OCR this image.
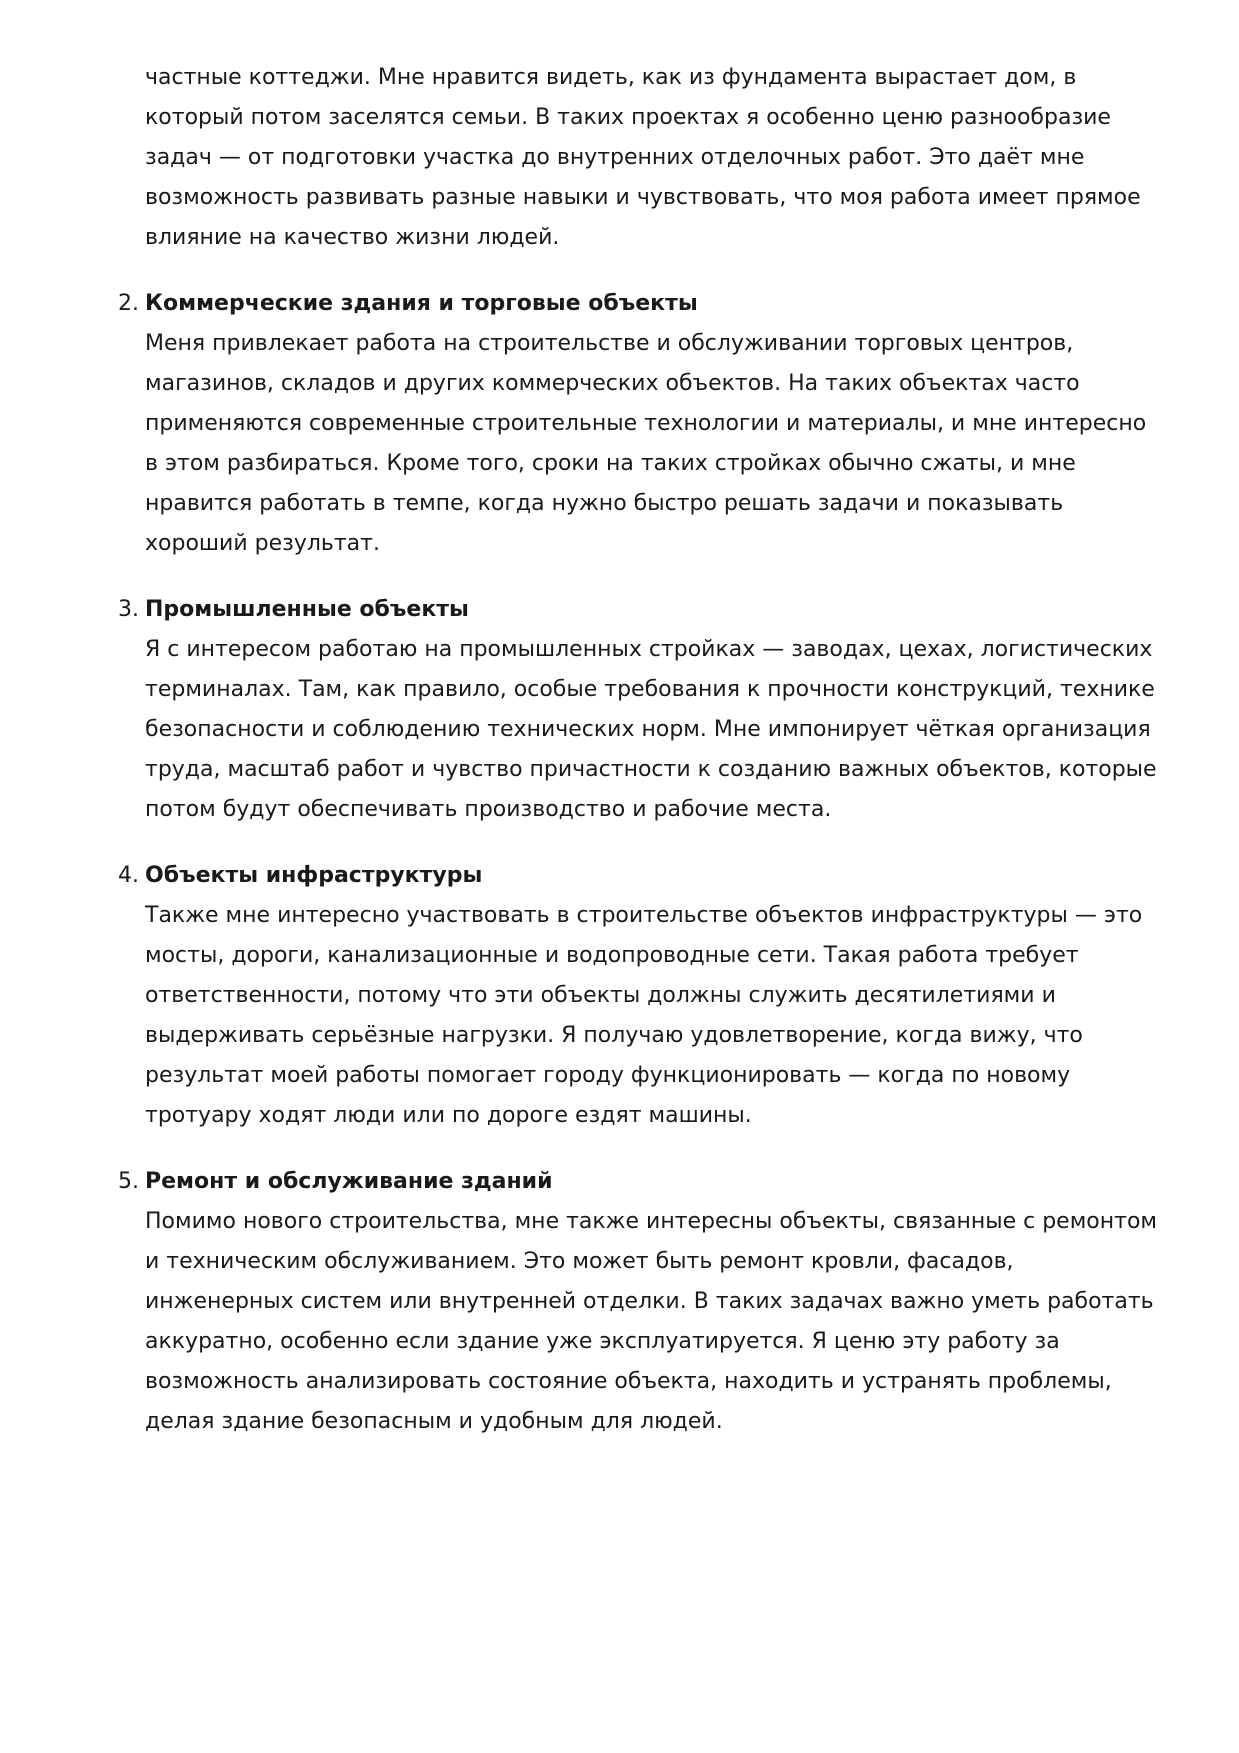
частные коттеджи. Мне нравится видеть, как из фундамента вырастает дом, в который потом заселятся семьи. В таких проектах я особенно ценю разнообразие задач — от подготовки участка до внутренних отделочных работ. Это даёт мне возможность развивать разные навыки и чувствовать, что моя работа имеет прямое влияние на качество жизни людей.

2. Коммерческие здания и торговые объекты

Меня привлекает работа на строительстве и обслуживании торговых центров, магазинов, складов и других коммерческих объектов. На таких объектах часто применяются современные строительные технологии и материалы, и мне интересно в этом разбираться. Кроме того, сроки на таких стройках обычно сжаты, и мне нравится работать в темпе, когда нужно быстро решать задачи и показывать хороший результат.

3. Промышленные объекты

Я с интересом работаю на промышленных стройках — заводах, цехах, логистических терминалах. Там, как правило, особые требования к прочности конструкций, технике безопасности и соблюдению технических норм. Мне импонирует чёткая организация труда, масштаб работ и чувство причастности к созданию важных объектов, которые потом будут обеспечивать производство и рабочие места.

4. Объекты инфраструктуры

Также мне интересно участвовать в строительстве объектов инфраструктуры — это мосты, дороги, канализационные и водопроводные сети. Такая работа требует ответственности, потому что эти объекты должны служить десятилетиями и выдерживать серьёзные нагрузки. Я получаю удовлетворение, когда вижу, что результат моей работы помогает городу функционировать — когда по новому тротуару ходят люди или по дороге ездят машины.

5. Ремонт и обслуживание зданий

Помимо нового строительства, мне также интересны объекты, связанные с ремонтом и техническим обслуживанием. Это может быть ремонт кровли, фасадов, инженерных систем или внутренней отделки. В таких задачах важно уметь работать аккуратно, особенно если здание уже эксплуатируется. Я ценю эту работу за возможность анализировать состояние объекта, находить и устранять проблемы, делая здание безопасным и удобным для людей.
